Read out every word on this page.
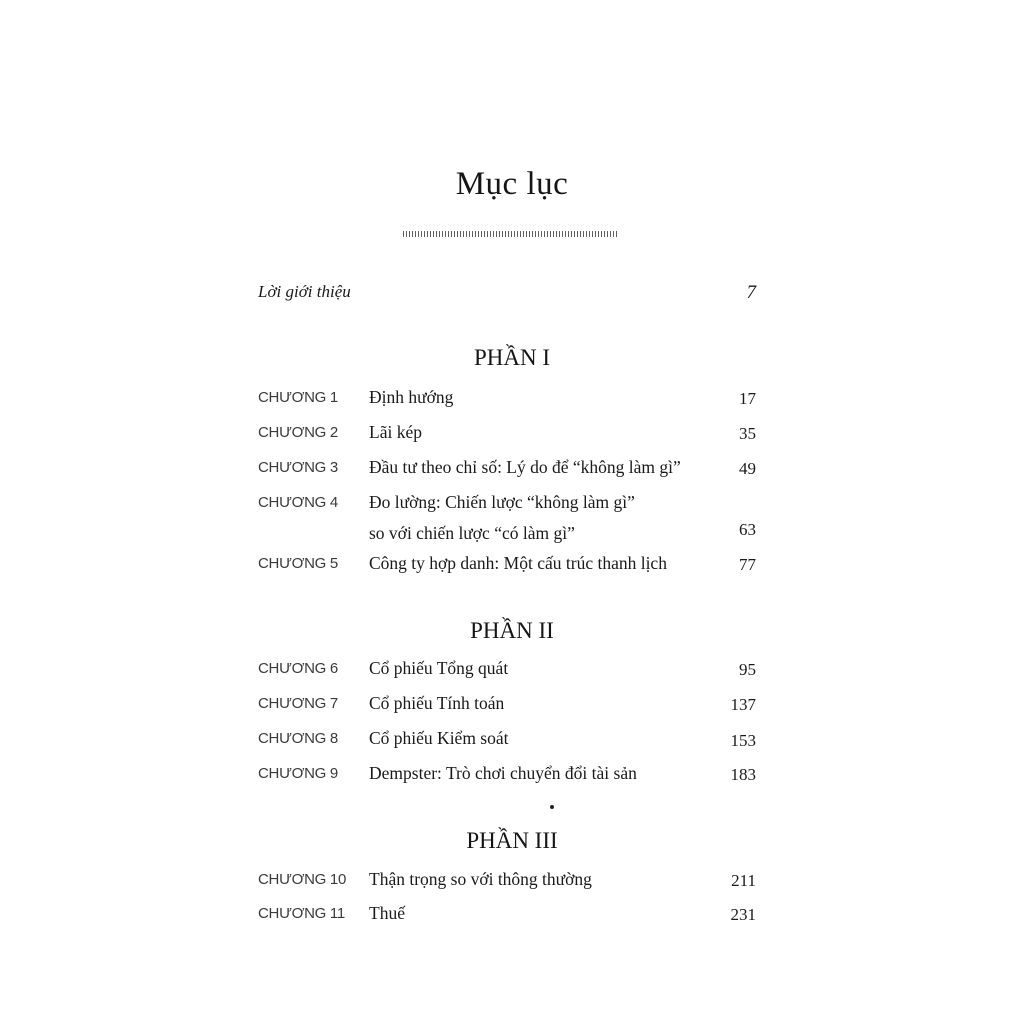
Mục lục
Lời giới thiệu	7
PHẦN I
CHƯƠNG 1 Định hướng	17
CHƯƠNG 2 Lãi kép	35
CHƯƠNG 3 Đầu tư theo chỉ số: Lý do để “không làm gì”	49
CHƯƠNG 4 Đo lường: Chiến lược “không làm gì”
so với chiến lược “có làm gì”	63
CHƯƠNG 5 Công ty hợp danh: Một cấu trúc thanh lịch	77
PHẦN II
CHƯƠNG 6 Cổ phiếu Tổng quát	95
CHƯƠNG 7 Cổ phiếu Tính toán	137
CHƯƠNG 8 Cổ phiếu Kiểm soát	153
CHƯƠNG 9 Dempster: Trò chơi chuyển đổi tài sản	183
PHẦN III
CHƯƠNG 10 Thận trọng so với thông thường	211
CHƯƠNG 11 Thuế	231
